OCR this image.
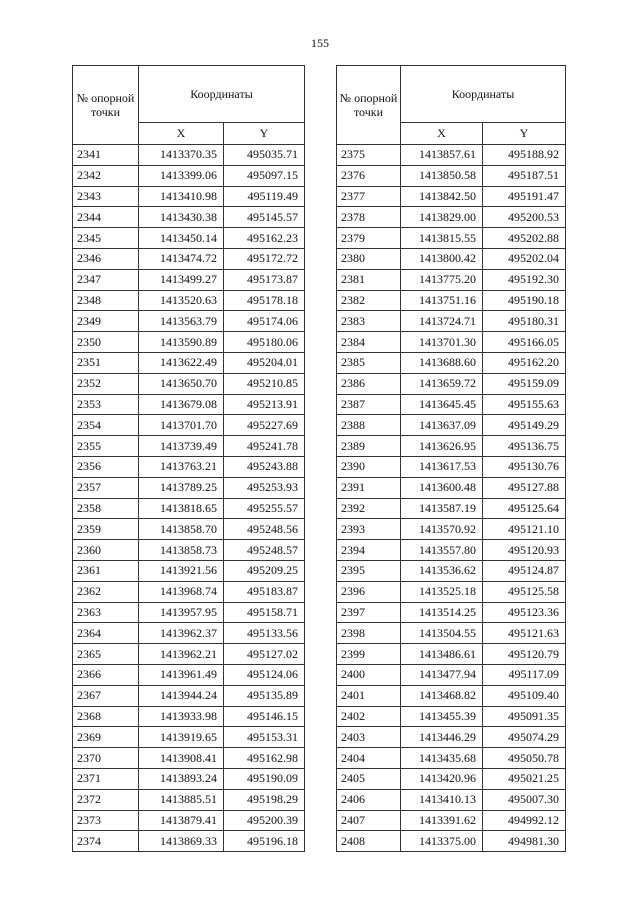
155
№ опорной точки	Координаты	
	X	Y
2341	1413370.35	495035.71
2342	1413399.06	495097.15
2343	1413410.98	495119.49
2344	1413430.38	495145.57
2345	1413450.14	495162.23
2346	1413474.72	495172.72
2347	1413499.27	495173.87
2348	1413520.63	495178.18
2349	1413563.79	495174.06
2350	1413590.89	495180.06
2351	1413622.49	495204.01
2352	1413650.70	495210.85
2353	1413679.08	495213.91
2354	1413701.70	495227.69
2355	1413739.49	495241.78
2356	1413763.21	495243.88
2357	1413789.25	495253.93
2358	1413818.65	495255.57
2359	1413858.70	495248.56
2360	1413858.73	495248.57
2361	1413921.56	495209.25
2362	1413968.74	495183.87
2363	1413957.95	495158.71
2364	1413962.37	495133.56
2365	1413962.21	495127.02
2366	1413961.49	495124.06
2367	1413944.24	495135.89
2368	1413933.98	495146.15
2369	1413919.65	495153.31
2370	1413908.41	495162.98
2371	1413893.24	495190.09
2372	1413885.51	495198.29
2373	1413879.41	495200.39
2374	1413869.33	495196.18
№ опорной точки	Координаты	
	X	Y
2375	1413857.61	495188.92
2376	1413850.58	495187.51
2377	1413842.50	495191.47
2378	1413829.00	495200.53
2379	1413815.55	495202.88
2380	1413800.42	495202.04
2381	1413775.20	495192.30
2382	1413751.16	495190.18
2383	1413724.71	495180.31
2384	1413701.30	495166.05
2385	1413688.60	495162.20
2386	1413659.72	495159.09
2387	1413645.45	495155.63
2388	1413637.09	495149.29
2389	1413626.95	495136.75
2390	1413617.53	495130.76
2391	1413600.48	495127.88
2392	1413587.19	495125.64
2393	1413570.92	495121.10
2394	1413557.80	495120.93
2395	1413536.62	495124.87
2396	1413525.18	495125.58
2397	1413514.25	495123.36
2398	1413504.55	495121.63
2399	1413486.61	495120.79
2400	1413477.94	495117.09
2401	1413468.82	495109.40
2402	1413455.39	495091.35
2403	1413446.29	495074.29
2404	1413435.68	495050.78
2405	1413420.96	495021.25
2406	1413410.13	495007.30
2407	1413391.62	494992.12
2408	1413375.00	494981.30
